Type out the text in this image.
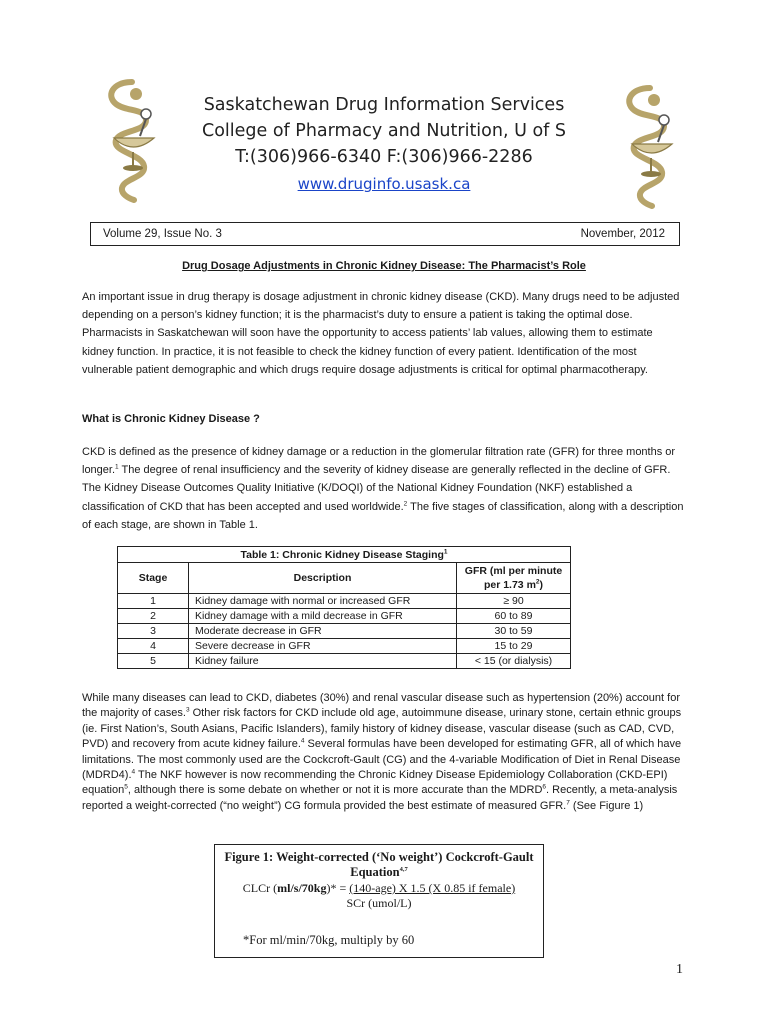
Saskatchewan Drug Information Services
College of Pharmacy and Nutrition, U of S
T:(306)966-6340 F:(306)966-2286
www.druginfo.usask.ca
Volume 29, Issue No. 3	November, 2012
Drug Dosage Adjustments in Chronic Kidney Disease: The Pharmacist’s Role

An important issue in drug therapy is dosage adjustment in chronic kidney disease (CKD). Many drugs need to be adjusted depending on a person’s kidney function; it is the pharmacist’s duty to ensure a patient is taking the optimal dose. Pharmacists in Saskatchewan will soon have the opportunity to access patients’ lab values, allowing them to estimate kidney function. In practice, it is not feasible to check the kidney function of every patient. Identification of the most vulnerable patient demographic and which drugs require dosage adjustments is critical for optimal pharmacotherapy.

What is Chronic Kidney Disease ?

CKD is defined as the presence of kidney damage or a reduction in the glomerular filtration rate (GFR) for three months or longer.$^1$ The degree of renal insufficiency and the severity of kidney disease are generally reflected in the decline of GFR. The Kidney Disease Outcomes Quality Initiative (K/DOQI) of the National Kidney Foundation (NKF) established a classification of CKD that has been accepted and used worldwide.$^2$ The five stages of classification, along with a description of each stage, are shown in Table 1.

Table 1: Chronic Kidney Disease Staging$^1$
Stage	Description	GFR (ml per minute per 1.73 $m^2$)
1	Kidney damage with normal or increased GFR	≥ 90
2	Kidney damage with a mild decrease in GFR	60 to 89
3	Moderate decrease in GFR	30 to 59
4	Severe decrease in GFR	15 to 29
5	Kidney failure	< 15 (or dialysis)

While many diseases can lead to CKD, diabetes (30%) and renal vascular disease such as hypertension (20%) account for the majority of cases.$^3$ Other risk factors for CKD include old age, autoimmune disease, urinary stone, certain ethnic groups (ie. First Nation’s, South Asians, Pacific Islanders), family history of kidney disease, vascular disease (such as CAD, CVD, PVD) and recovery from acute kidney failure.$^4$ Several formulas have been developed for estimating GFR, all of which have limitations. The most commonly used are the Cockcroft-Gault (CG) and the 4-variable Modification of Diet in Renal Disease (MDRD4).$^4$ The NKF however is now recommending the Chronic Kidney Disease Epidemiology Collaboration (CKD-EPI) equation$^5$, although there is some debate on whether or not it is more accurate than the MDRD$^6$. Recently, a meta-analysis reported a weight-corrected (“no weight”) CG formula provided the best estimate of measured GFR.$^7$ (See Figure 1)

Figure 1: Weight-corrected (‘No weight’) Cockcroft-Gault Equation$^{4,7}$
CLCr (ml/s/70kg)* = (140-age) X 1.5 (X 0.85 if female)
SCr (umol/L)
*For ml/min/70kg, multiply by 60
1
